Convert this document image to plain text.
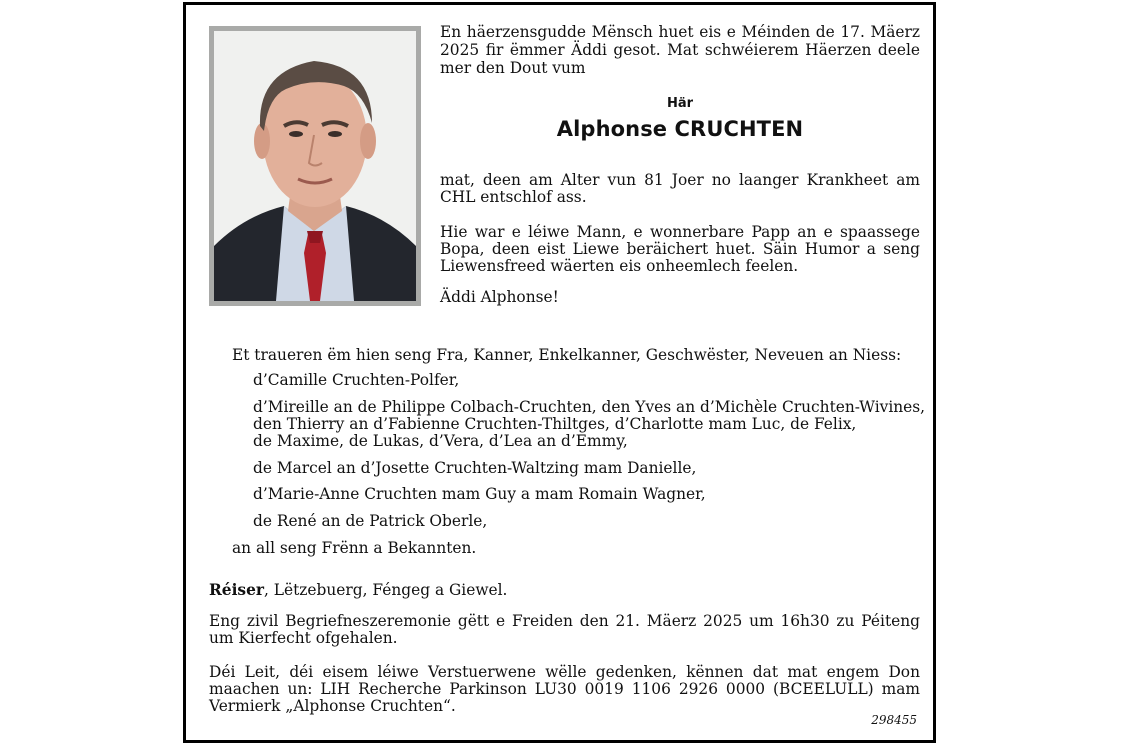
En häerzensgudde Mënsch huet eis e Méinden de 17. Mäerz 2025 fir ëmmer Äddi gesot. Mat schwéierem Häerzen deele mer den Dout vum

Här

Alphonse CRUCHTEN

mat, deen am Alter vun 81 Joer no laanger Krankheet am CHL entschlof ass.

Hie war e léiwe Mann, e wonnerbare Papp an e spaassege Bopa, deen eist Liewe beräichert huet. Säin Humor a seng Liewensfreed wäerten eis onheemlech feelen.

Äddi Alphonse!

Et traueren ëm hien seng Fra, Kanner, Enkelkanner, Geschwëster, Neveuen an Niess:

d’Camille Cruchten-Polfer,

d’Mireille an de Philippe Colbach-Cruchten, den Yves an d’Michèle Cruchten-Wivines,

den Thierry an d’Fabienne Cruchten-Thiltges, d’Charlotte mam Luc, de Felix,

de Maxime, de Lukas, d’Vera, d’Lea an d’Emmy,

de Marcel an d’Josette Cruchten-Waltzing mam Danielle,

d’Marie-Anne Cruchten mam Guy a mam Romain Wagner,

de René an de Patrick Oberle,

an all seng Frënn a Bekannten.

Réiser, Lëtzebuerg, Féngeg a Giewel.

Eng zivil Begriefneszeremonie gëtt e Freiden den 21. Mäerz 2025 um 16h30 zu Péiteng um Kierfecht ofgehalen.

Déi Leit, déi eisem léiwe Verstuerwene wëlle gedenken, kënnen dat mat engem Don maachen un: LIH Recherche Parkinson LU30 0019 1106 2926 0000 (BCEELULL) mam Vermierk „Alphonse Cruchten“.

298455
